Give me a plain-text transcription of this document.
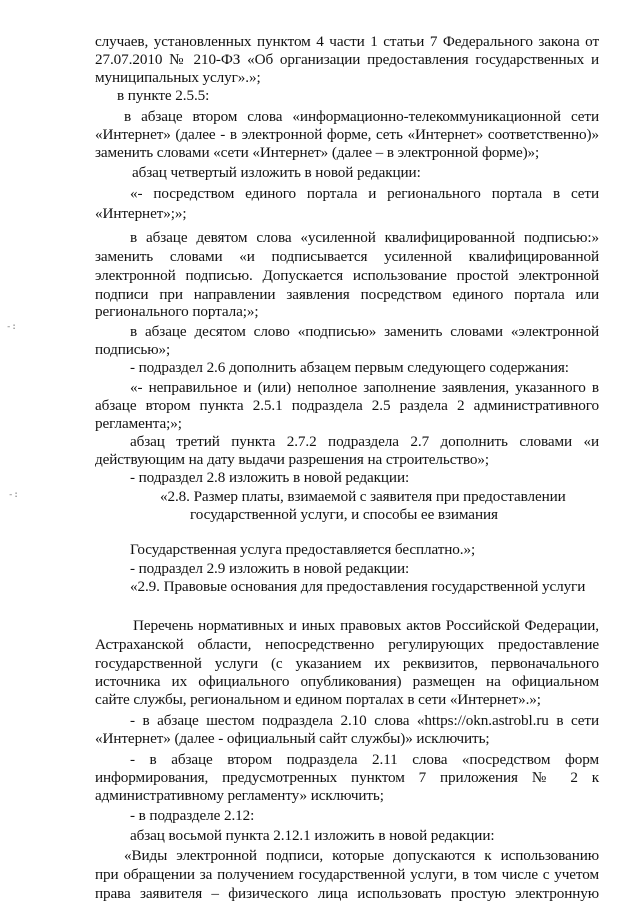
случаев, установленных пунктом 4 части 1 статьи 7 Федерального закона от
27.07.2010 № 210-ФЗ «Об организации предоставления государственных и
муниципальных услуг».»;
в пункте 2.5.5:
в абзаце втором слова «информационно-телекоммуникационной сети
«Интернет» (далее - в электронной форме, сеть «Интернет» соответственно)»
заменить словами «сети «Интернет» (далее – в электронной форме)»;
абзац четвертый изложить в новой редакции:
«- посредством единого портала и регионального портала в сети
«Интернет»;»;
в абзаце девятом слова «усиленной квалифицированной подписью:»
заменить словами «и подписывается усиленной квалифицированной
электронной подписью. Допускается использование простой электронной
подписи при направлении заявления посредством единого портала или
регионального портала;»;
в абзаце десятом слово «подписью» заменить словами «электронной
подписью»;
- подраздел 2.6 дополнить абзацем первым следующего содержания:
«- неправильное и (или) неполное заполнение заявления, указанного в
абзаце втором пункта 2.5.1 подраздела 2.5 раздела 2 административного
регламента;»;
абзац третий пункта 2.7.2 подраздела 2.7 дополнить словами «и
действующим на дату выдачи разрешения на строительство»;
- подраздел 2.8 изложить в новой редакции:
«2.8. Размер платы, взимаемой с заявителя при предоставлении
государственной услуги, и способы ее взимания
Государственная услуга предоставляется бесплатно.»;
- подраздел 2.9 изложить в новой редакции:
«2.9. Правовые основания для предоставления государственной услуги
Перечень нормативных и иных правовых актов Российской Федерации,
Астраханской области, непосредственно регулирующих предоставление
государственной услуги (с указанием их реквизитов, первоначального
источника их официального опубликования) размещен на официальном
сайте службы, региональном и едином порталах в сети «Интернет».»;
- в абзаце шестом подраздела 2.10 слова «https://okn.astrobl.ru в сети
«Интернет» (далее - официальный сайт службы)» исключить;
- в абзаце втором подраздела 2.11 слова «посредством форм
информирования, предусмотренных пунктом 7 приложения № 2 к
административному регламенту» исключить;
- в подразделе 2.12:
абзац восьмой пункта 2.12.1 изложить в новой редакции:
«Виды электронной подписи, которые допускаются к использованию
при обращении за получением государственной услуги, в том числе с учетом
права заявителя – физического лица использовать простую электронную
-:
-:
